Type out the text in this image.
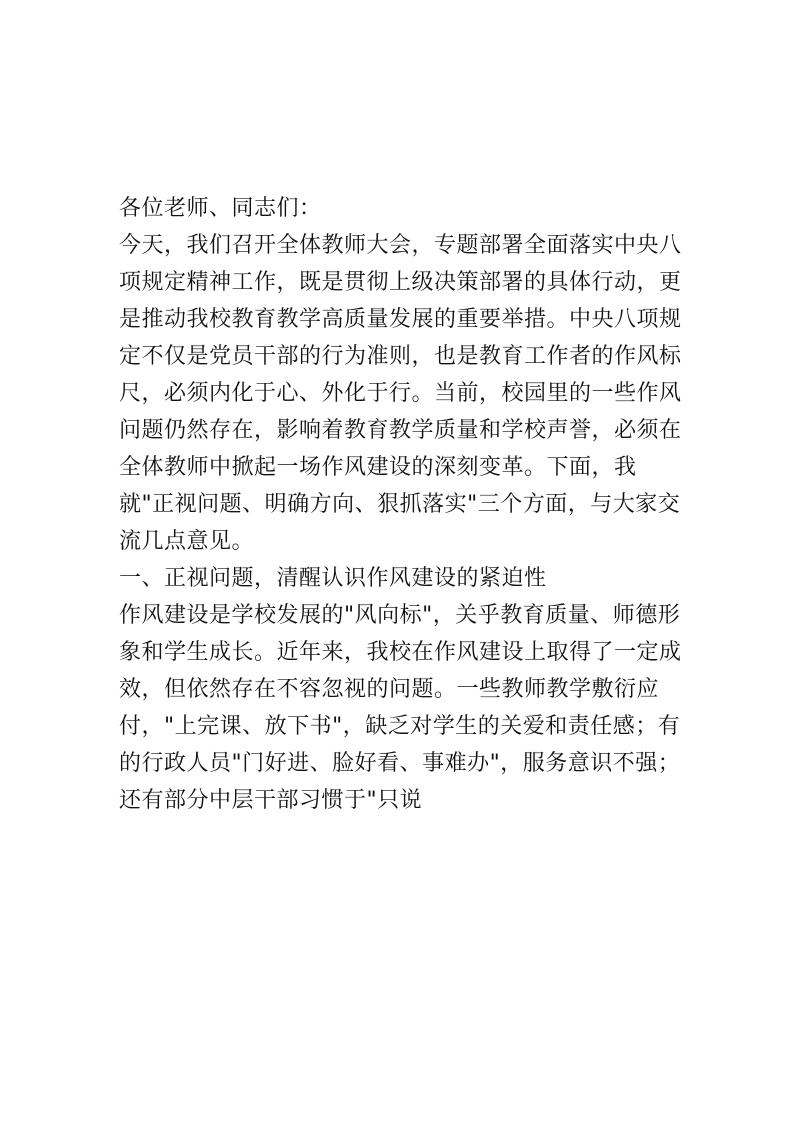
各位老师、同志们：

今天，我们召开全体教师大会，专题部署全面落实中央八项规定精神工作，既是贯彻上级决策部署的具体行动，更是推动我校教育教学高质量发展的重要举措。中央八项规定不仅是党员干部的行为准则，也是教育工作者的作风标尺，必须内化于心、外化于行。当前，校园里的一些作风问题仍然存在，影响着教育教学质量和学校声誉，必须在全体教师中掀起一场作风建设的深刻变革。下面，我就"正视问题、明确方向、狠抓落实"三个方面，与大家交流几点意见。

一、正视问题，清醒认识作风建设的紧迫性

作风建设是学校发展的"风向标"，关乎教育质量、师德形象和学生成长。近年来，我校在作风建设上取得了一定成效，但依然存在不容忽视的问题。一些教师教学敷衍应付，"上完课、放下书"，缺乏对学生的关爱和责任感；有的行政人员"门好进、脸好看、事难办"，服务意识不强；还有部分中层干部习惯于"只说
